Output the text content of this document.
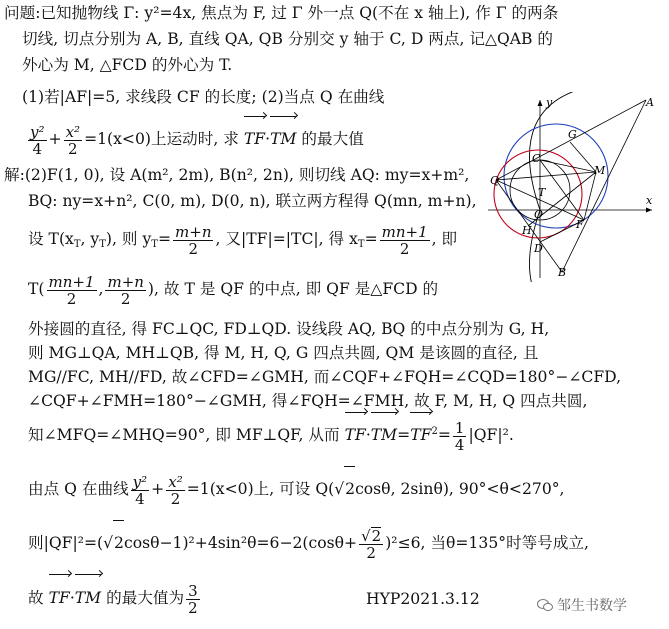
问题:已知抛物线 Γ: y²=4x, 焦点为 F, 过 Γ 外一点 Q(不在 x 轴上), 作 Γ 的两条
切线, 切点分别为 A, B, 直线 QA, QB 分别交 y 轴于 C, D 两点, 记△QAB 的
外心为 M, △FCD 的外心为 T.
(1)若|AF|=5, 求线段 CF 的长度; (2)当点 Q 在曲线
$\frac{\text{y²}}{4} + \frac{\text{x²}}{2} =1(x<0)$上运动时, 求 TF·TM 的最大值
解:(2)F(1, 0), 设 A(m², 2m), B(n², 2n), 则切线 AQ: my=x+m²,
BQ: ny=x+n², C(0, m), D(0, n), 联立两方程得 Q(mn, m+n),
设 $T(x_T$, $y_T$), 则 $y_T= \frac{m+n}{2}$ , 又|TF|=|TC|, 得 $x_T= \frac{mn+1}{2}$ , 即
$T( \frac{mn+1}{2}$ , $\frac{m+n}{2}$ ), 故 T 是 QF 的中点, 即 QF 是△FCD 的
外接圆的直径, 得 FC⊥QC, FD⊥QD. 设线段 AQ, BQ 的中点分别为 G, H,
则 MG⊥QA, MH⊥QB, 得 M, H, Q, G 四点共圆, QM 是该圆的直径, 且
MG//FC, MH//FD, 故∠CFD=∠GMH, 而∠CQF+∠FQH=∠CQD=180°−∠CFD,
∠CQF+∠FMH=180°−∠GMH, 得∠FQH=∠FMH, 故 F, M, H, Q 四点共圆,
知∠MFQ=∠MHQ=90°, 即 MF⊥QF, 从而 $TF\cdot TM=TF^2= \frac{1}{4} |QF|^2$.
由点 Q 在曲线 $\frac{\text{y²}}{4} + \frac{\text{x²}}{2} =1(x<0)$上, 可设 Q(√2cosθ, 2sinθ), 90°<θ<270°,
则$|QF|^2=(√2\cos\theta-1)^2+4\sin^2\theta=6-2(\cos\theta+ \frac{√2}{2} )^2\le 6$, 当θ=135°时等号成立,
故 TF·TM 的最大值为 $\frac{3}{2}$	HYP2021.3.12
x
y	A
G
M
C
Q
T
O
F
H
D
B
邹生书数学
